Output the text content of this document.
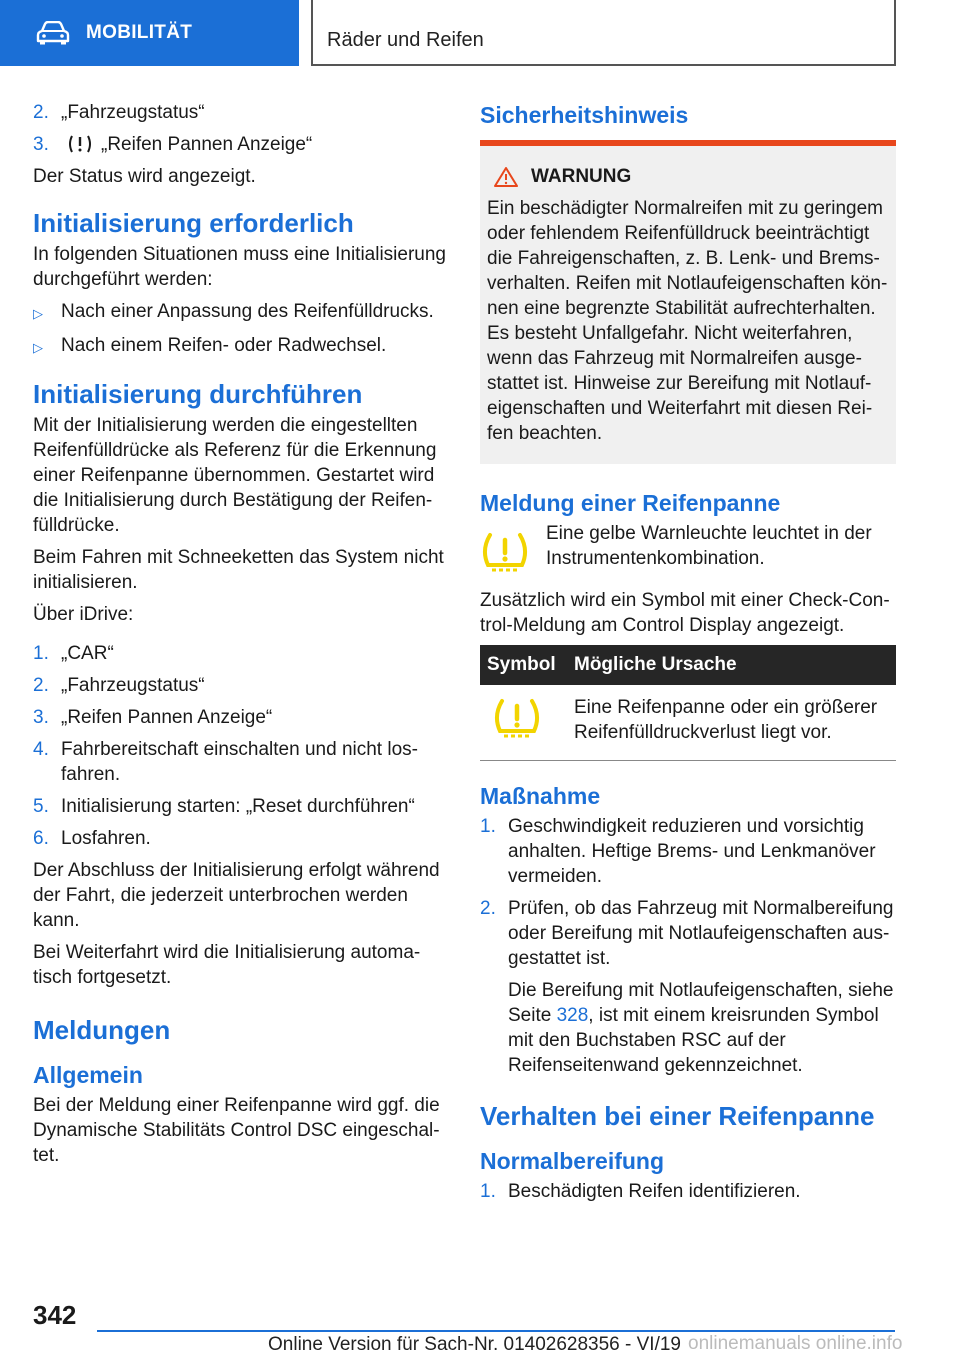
MOBILITÄT	Räder und Reifen
2. „Fahrzeugstatus“
3.	„Reifen Pannen Anzeige“

Der Status wird angezeigt.

Initialisierung erforderlich

In folgenden Situationen muss eine Initialisierung durchgeführt werden:

▷ Nach einer Anpassung des Reifenfülldrucks.
▷ Nach einem Reifen- oder Radwechsel.
Initialisierung durchführen

Mit der Initialisierung werden die eingestellten Reifenfülldrücke als Referenz für die Erkennung einer Reifenpanne übernommen. Gestartet wird die Initialisierung durch Bestätigung der Reifenfülldrücke.

Beim Fahren mit Schneeketten das System nicht initialisieren.

Über iDrive:

1. „CAR“
2. „Fahrzeugstatus“
3. „Reifen Pannen Anzeige“
4. Fahrbereitschaft einschalten und nicht losfahren.
5. Initialisierung starten: „Reset durchführen“
6. Losfahren.

Der Abschluss der Initialisierung erfolgt während der Fahrt, die jederzeit unterbrochen werden kann.

Bei Weiterfahrt wird die Initialisierung automatisch fortgesetzt.

Meldungen
Allgemein

Bei der Meldung einer Reifenpanne wird ggf. die Dynamische Stabilitäts Control DSC eingeschaltet.

Sicherheitshinweis
WARNUNG

Ein beschädigter Normalreifen mit zu geringem oder fehlendem Reifenfülldruck beeinträchtigt die Fahreigenschaften, z. B. Lenk- und Bremsverhalten. Reifen mit Notlaufeigenschaften können eine begrenzte Stabilität aufrechterhalten. Es besteht Unfallgefahr. Nicht weiterfahren, wenn das Fahrzeug mit Normalreifen ausgestattet ist. Hinweise zur Bereifung mit Notlaufeigenschaften und Weiterfahrt mit diesen Reifen beachten.

Meldung einer Reifenpanne
Eine gelbe Warnleuchte leuchtet in der Instrumentenkombination.

Zusätzlich wird ein Symbol mit einer Check-Control-Meldung am Control Display angezeigt.

Symbol	Mögliche Ursache
	Eine Reifenpanne oder ein größerer Reifenfülldruckverlust liegt vor.
Maßnahme
1. Geschwindigkeit reduzieren und vorsichtig anhalten. Heftige Brems- und Lenkmanöver vermeiden.
2. Prüfen, ob das Fahrzeug mit Normalbereifung oder Bereifung mit Notlaufeigenschaften ausgestattet ist.

Die Bereifung mit Notlaufeigenschaften, siehe Seite 328, ist mit einem kreisrunden Symbol mit den Buchstaben RSC auf der Reifenseitenwand gekennzeichnet.

Verhalten bei einer Reifenpanne
Normalbereifung
1. Beschädigten Reifen identifizieren.
342
Online Version für Sach-Nr. 01402628356 - VI/19 onlinemanuals online.info
